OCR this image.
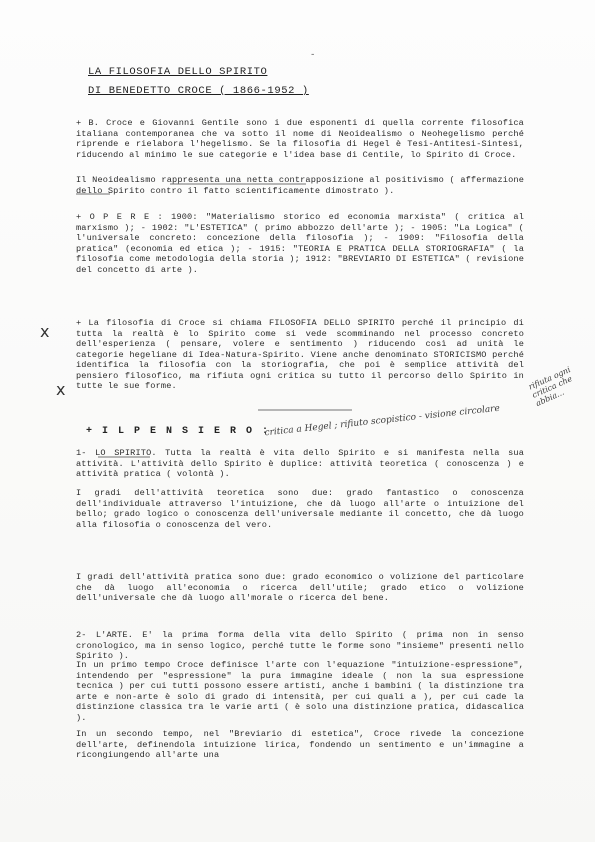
-
LA FILOSOFIA DELLO SPIRITO
DI BENEDETTO CROCE ( 1866-1952 )
+ B. Croce e Giovanni Gentile sono i due esponenti di quella corrente filosofica italiana contemporanea che va sotto il nome di Neoidealismo o Neohegelismo perché riprende e rielabora l'hegelismo. Se la filosofia di Hegel è Tesi-Antitesi-Sintesi, riducendo al minimo le sue categorie e l'idea base di Centile, lo Spirito di Croce.
Il Neoidealismo rappresenta una netta contrapposizione al positivismo ( affermazione dello Spirito contro il fatto scientificamente dimostrato ).
+ O P E R E : 1900: "Materialismo storico ed economia marxista" ( critica al marxismo ); - 1902: "L'ESTETICA" ( primo abbozzo dell'arte ); - 1905: "La Logica" ( l'universale concreto: concezione della filosofia ); - 1909: "Filosofia della pratica" (economia ed etica ); - 1915: "TEORIA E PRATICA DELLA STORIOGRAFIA" ( la filosofia come metodologia della storia ); 1912: "BREVIARIO DI ESTETICA" ( revisione del concetto di arte ).
+ La filosofia di Croce si chiama FILOSOFIA DELLO SPIRITO perché il principio di tutta la realtà è lo Spirito come si vede scomminando nel processo concreto dell'esperienza ( pensare, volere e sentimento ) riducendo così ad unità le categorie hegeliane di Idea-Natura-Spirito. Viene anche denominato STORICISMO perché identifica la filosofia con la storiografia, che poi è semplice attività del pensiero filosofico, ma rifiuta ogni critica su tutto il percorso dello Spirito in tutte le sue forme.
+ I L P E N S I E R O :
1- LO SPIRITO. Tutta la realtà è vita dello Spirito e si manifesta nella sua attività. L'attività dello Spirito è duplice: attività teoretica ( conoscenza ) e attività pratica ( volontà ).
I gradi dell'attività teoretica sono due: grado fantastico o conoscenza dell'individuale attraverso l'intuizione, che dà luogo all'arte o intuizione del bello; grado logico o conoscenza dell'universale mediante il concetto, che dà luogo alla filosofia o conoscenza del vero.
I gradi dell'attività pratica sono due: grado economico o volizione del particolare che dà luogo all'economia o ricerca dell'utile; grado etico o volizione dell'universale che dà luogo all'morale o ricerca del bene.
2- L'ARTE. E' la prima forma della vita dello Spirito ( prima non in senso cronologico, ma in senso logico, perché tutte le forme sono "insieme" presenti nello Spirito ).
In un primo tempo Croce definisce l'arte con l'equazione "intuizione-espressione", intendendo per "espressione" la pura immagine ideale ( non la sua espressione tecnica ) per cui tutti possono essere artisti, anche i bambini ( la distinzione tra arte e non-arte è solo di grado di intensità, per cui quali a ), per cui cade la distinzione classica tra le varie arti ( è solo una distinzione pratica, didascalica ).
In un secondo tempo, nel "Breviario di estetica", Croce rivede la concezione dell'arte, definendola intuizione lirica, fondendo un sentimento e un'immagine a ricongiungendo all'arte una
x
x
critica a Hegel ; rifiuto scopistico - visione circolare
rifiuta ogni critica che abbia...
